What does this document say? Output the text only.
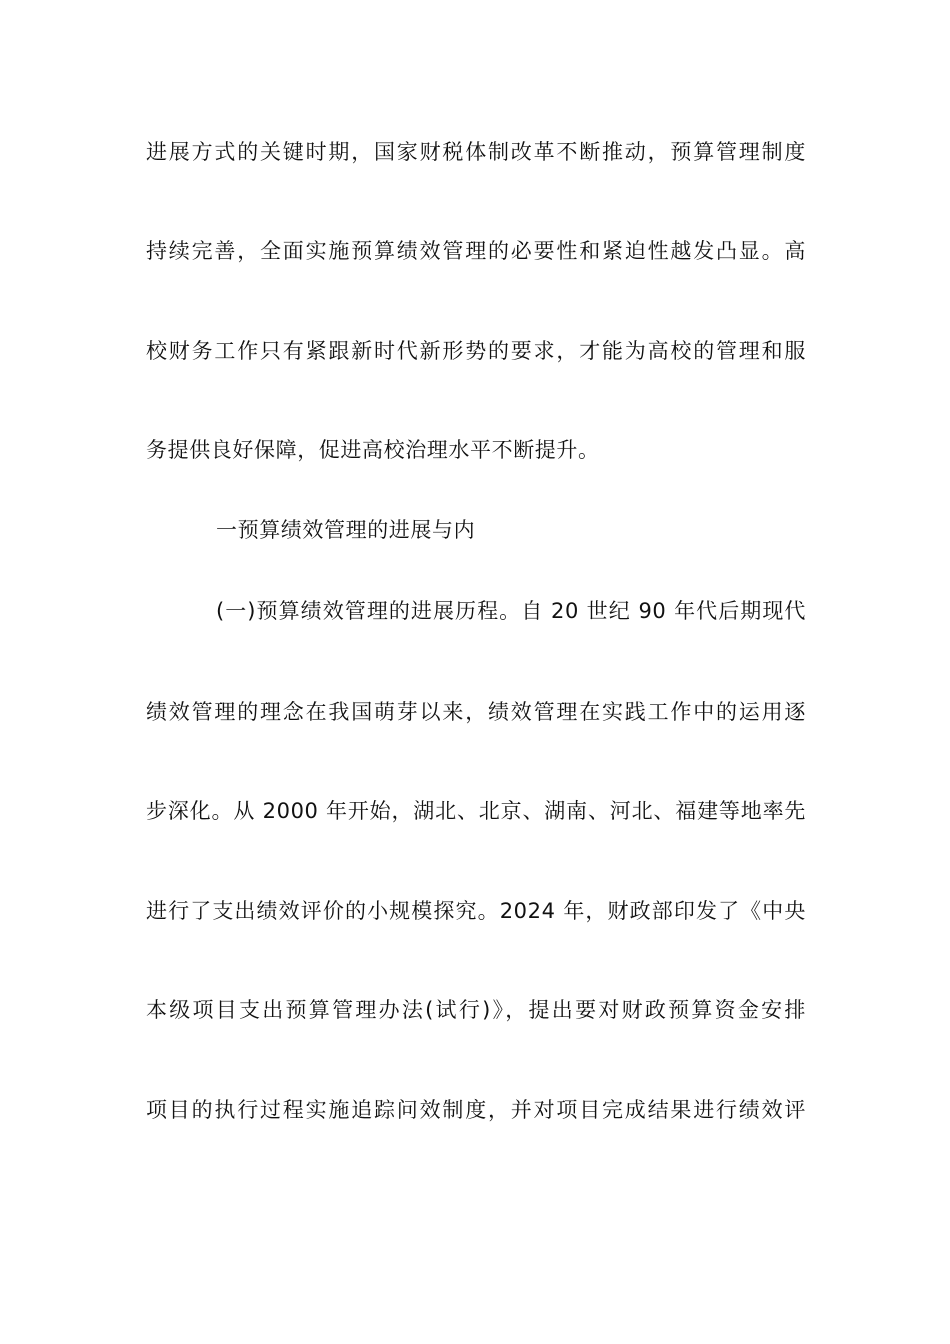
进展方式的关键时期，国家财税体制改革不断推动，预算管理制度
持续完善，全面实施预算绩效管理的必要性和紧迫性越发凸显。高
校财务工作只有紧跟新时代新形势的要求，才能为高校的管理和服
务提供良好保障，促进高校治理水平不断提升。
一预算绩效管理的进展与内
(一)预算绩效管理的进展历程。自 20 世纪 90 年代后期现代
绩效管理的理念在我国萌芽以来，绩效管理在实践工作中的运用逐
步深化。从 2000 年开始，湖北、北京、湖南、河北、福建等地率先
进行了支出绩效评价的小规模探究。2024 年，财政部印发了《中央
本级项目支出预算管理办法(试行)》，提出要对财政预算资金安排
项目的执行过程实施追踪问效制度，并对项目完成结果进行绩效评
